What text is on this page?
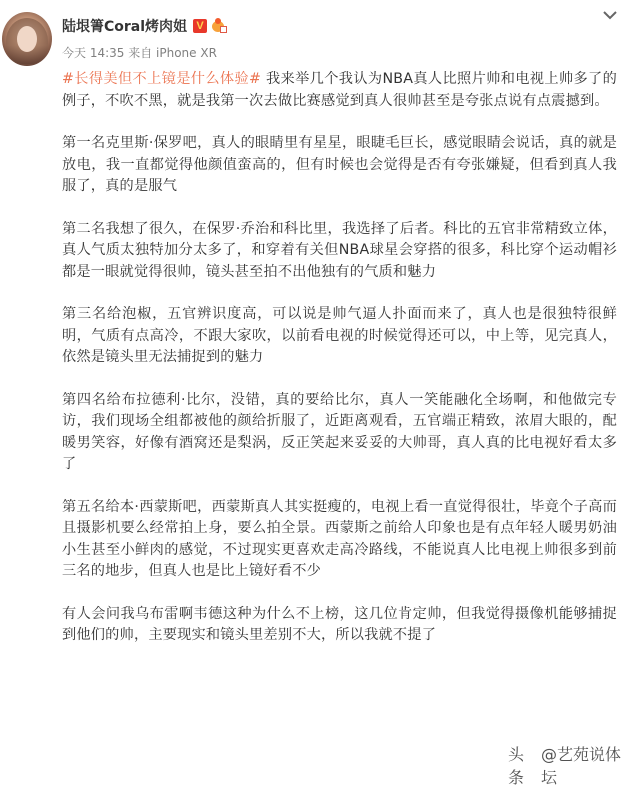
陆垠箐Coral烤肉姐 V
今天 14:35 来自 iPhone XR

#长得美但不上镜是什么体验# 我来举几个我认为NBA真人比照片帅和电视上帅多了的例子，不吹不黑，就是我第一次去做比赛感觉到真人很帅甚至是夸张点说有点震撼到。

第一名克里斯·保罗吧，真人的眼睛里有星星，眼睫毛巨长，感觉眼睛会说话，真的就是放电，我一直都觉得他颜值蛮高的，但有时候也会觉得是否有夸张嫌疑，但看到真人我服了，真的是服气

第二名我想了很久，在保罗·乔治和科比里，我选择了后者。科比的五官非常精致立体，真人气质太独特加分太多了，和穿着有关但NBA球星会穿搭的很多，科比穿个运动帽衫都是一眼就觉得很帅，镜头甚至拍不出他独有的气质和魅力

第三名给泡椒，五官辨识度高，可以说是帅气逼人扑面而来了，真人也是很独特很鲜明，气质有点高冷，不跟大家吹，以前看电视的时候觉得还可以，中上等，见完真人，依然是镜头里无法捕捉到的魅力

第四名给布拉德利·比尔，没错，真的要给比尔，真人一笑能融化全场啊，和他做完专访，我们现场全组都被他的颜给折服了，近距离观看，五官端正精致，浓眉大眼的，配暖男笑容，好像有酒窝还是梨涡，反正笑起来妥妥的大帅哥，真人真的比电视好看太多了

第五名给本·西蒙斯吧，西蒙斯真人其实挺瘦的，电视上看一直觉得很壮，毕竟个子高而且摄影机要么经常拍上身，要么拍全景。西蒙斯之前给人印象也是有点年轻人暖男奶油小生甚至小鲜肉的感觉，不过现实更喜欢走高冷路线，不能说真人比电视上帅很多到前三名的地步，但真人也是比上镜好看不少

有人会问我乌布雷啊韦德这种为什么不上榜，这几位肯定帅，但我觉得摄像机能够捕捉到他们的帅，主要现实和镜头里差别不大，所以我就不提了

头条
@艺苑说体坛
